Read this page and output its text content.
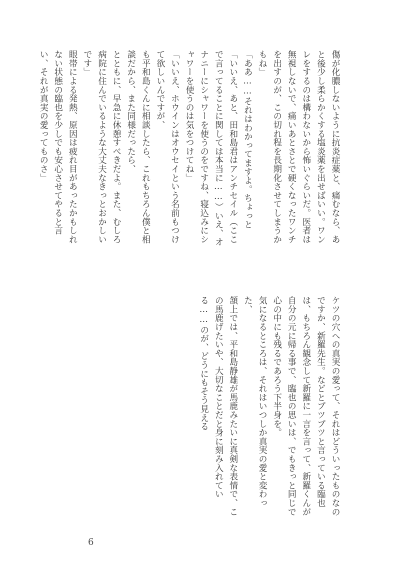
傷が化膿しないように抗炎症薬と、痛むなら、あと後少し柔らかくする塩炎薬を出せばいい。ワンレをするのは構わないから怖いぐらいだ。医者は無視しないで、痛いあとさとで硬くなったワンチを出すのが、この切れ程を長期化させてしまうかもね」
「ああ……それはわかってますよ。ちょっと
「いいえ、あと、田和島君はアンチセイル（ここで言ってることに関しては本当に……）いえ、オナニーにシャワーを使うのをですね、寝込みにシャワーを使うのは気をつけてね」
「いいえ、ホウインはオウセイという名前もつけて欲しいんですが、
も平和島くんに相談したら、これもちろん僕と相談だから、また同様だったら、
とともに、早急に休憩すべきだよ。また、むしろ病院に住んでいるような大丈夫なきっとおかしいです」
眼帯による発熱、原因は疲れ目があったかもしれない状態の臨也を少しでも安心させてやると言い、それが真実の愛ってものさ」
ケツの穴への真実の愛って、それはどういったものなのですか、新羅先生。などとブツブツと言っている臨也は、もちろん観念して新羅に一言を言って、新羅くんが自分の元に帰る事で、臨也の思いは、でもきっと同じで心の中にも残るであろう下半身を。
気になるところは、それはいつしか真実の愛と変わった、
頷上では、平和島静雄が馬鹿みたいに真剣な表情で、この馬鹿げたいや、大切なことだと身に刻み入れている……のが、どうにもそう見える
6
